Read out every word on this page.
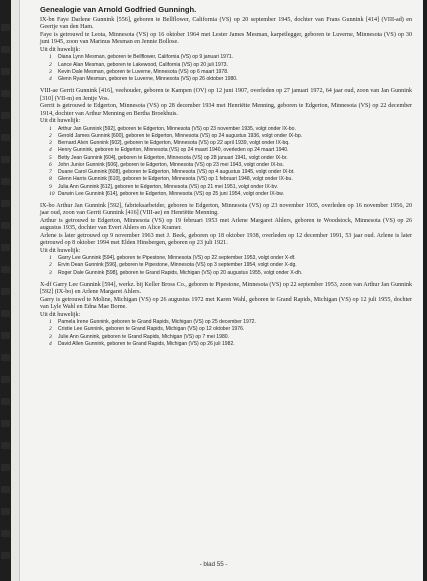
Genealogie van Arnold Godfried Gunningh.

IX-bn Faye Darlene Gunnink [556], geboren te Bellflower, California (VS) op 20 september 1945, dochter van Frans Gunnink [414] (VIII-ad) en Geertje van den Ham.

Faye is getrouwd te Leota, Minnesota (VS) op 16 oktober 1964 met Lester James Mesman, karpetlegger, geboren te Luverne, Minnesota (VS) op 30 juni 1945, zoon van Marinus Mesman en Jennie Bollose.

Uit dit huwelijk:

1	Diana Lynn Mesman, geboren te Bellflower, California (VS) op 9 januari 1971.
2	Lance Alan Mesman, geboren te Lakewood, California (VS) op 20 juli 1973.
3	Kevin Dale Mesman, geboren te Luverne, Minnesota (VS) op 6 maart 1978.
4	Glenn Ryan Mesman, geboren te Luverne, Minnesota (VS) op 26 oktober 1980.

VIII-ae Gerrit Gunnink [416], veehouder, geboren te Kampen (OV) op 12 juni 1907, overleden op 27 januari 1972, 64 jaar oud, zoon van Jan Gunnink [310] (VII-m) en Jentje Vos.

Gerrit is getrouwd te Edgerton, Minnesota (VS) op 28 december 1934 met Henriëtte Menning, geboren te Edgerton, Minnesota (VS) op 22 december 1914, dochter van Arthur Menning en Bertha Broekhuis.

Uit dit huwelijk:

1	Arthur Jan Gunnink [592], geboren te Edgerton, Minnesota (VS) op 23 november 1935, volgt onder IX-bo.
2	Gerold James Gunnink [600], geboren te Edgerton, Minnesota (VS) op 24 augustus 1936, volgt onder IX-bp.
3	Bernard Alvin Gunnink [602], geboren te Edgerton, Minnesota (VS) op 22 april 1939, volgt onder IX-bq.
4	Henry Gunnink, geboren te Edgerton, Minnesota (VS) op 24 maart 1940, overleden op 24 maart 1940.
5	Betty Jean Gunnink [604], geboren te Edgerton, Minnesota (VS) op 28 januari 1941, volgt onder IX-br.
6	John Junior Gunnink [606], geboren te Edgerton, Minnesota (VS) op 23 mei 1943, volgt onder IX-bs.
7	Duane Carol Gunnink [608], geboren te Edgerton, Minnesota (VS) op 4 augustus 1945, volgt onder IX-bt.
8	Glenn Harris Gunnink [610], geboren te Edgerton, Minnesota (VS) op 1 februari 1948, volgt onder IX-bu.
9	Julia Ann Gunnink [612], geboren te Edgerton, Minnesota (VS) op 21 mei 1951, volgt onder IX-bv.
10 Darwin Lee Gunnink [614], geboren te Edgerton, Minnesota (VS) op 25 juni 1954, volgt onder IX-bw.

IX-bo Arthur Jan Gunnink [592], fabrieksarbeider, geboren te Edgerton, Minnesota (VS) op 23 november 1935, overleden op 16 november 1956, 20 jaar oud, zoon van Gerrit Gunnink [416] (VIII-ae) en Henriëtte Menning.

Arthur is getrouwd te Edgerton, Minnesota (VS) op 19 februari 1953 met Arlene Margaret Ahlers, geboren te Woodstock, Minnesota (VS) op 26 augustus 1935, dochter van Evert Ahlers en Alice Kramer.

Arlene is later getrouwd op 9 november 1963 met J. Beek, geboren op 18 oktober 1938, overleden op 12 december 1991, 53 jaar oud. Arlene is later getrouwd op 8 oktober 1994 met Elden Hinsbergen, geboren op 23 juli 1921.

Uit dit huwelijk:

1	Garry Lee Gunnink [594], geboren te Pipestone, Minnesota (VS) op 22 september 1953, volgt onder X-df.
2	Ervin Dean Gunnink [596], geboren te Pipestone, Minnesota (VS) op 3 september 1954, volgt onder X-dg.
3	Roger Dale Gunnink [598], geboren te Grand Rapids, Michigan (VS) op 20 augustus 1955, volgt onder X-dh.

X-df Garry Lee Gunnink [594], werkz. bij Keller Bross Co., geboren te Pipestone, Minnesota (VS) op 22 september 1953, zoon van Arthur Jan Gunnink [592] (IX-bo) en Arlene Margaret Ahlers.

Garry is getrouwd te Moline, Michigan (VS) op 26 augustus 1972 met Karen Wahl, geboren te Grand Rapids, Michigan (VS) op 12 juli 1955, dochter van Lyle Wahl en Edna Mae Borne.

Uit dit huwelijk:

1	Pamela Irene Gunnink, geboren te Grand Rapids, Michigan (VS) op 25 december 1972.
2	Cristie Lee Gunnink, geboren te Grand Rapids, Michigan (VS) op 12 oktober 1976.
3	Julie Ann Gunnink, geboren te Grand Rapids, Michigan (VS) op 7 mei 1980.
4	David Allen Gunnink, geboren te Grand Rapids, Michigan (VS) op 26 juli 1982.
- blad 55 -
